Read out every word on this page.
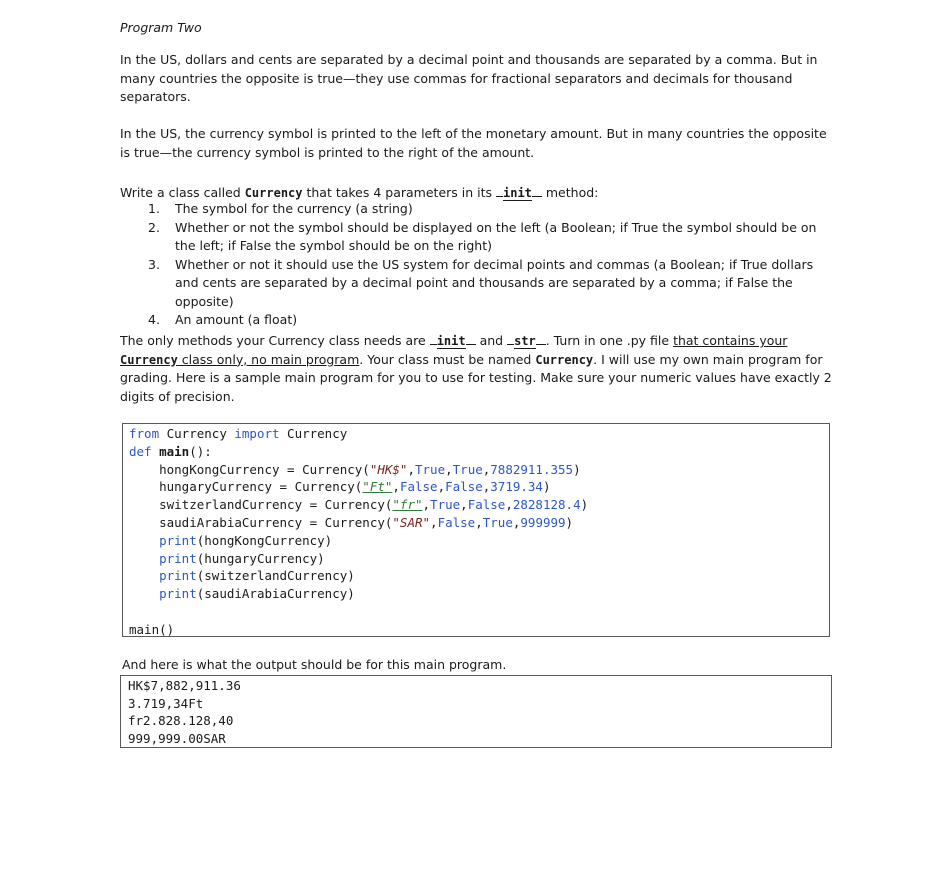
Program Two
In the US, dollars and cents are separated by a decimal point and thousands are separated by a comma. But in many countries the opposite is true—they use commas for fractional separators and decimals for thousand separators.
In the US, the currency symbol is printed to the left of the monetary amount. But in many countries the opposite is true—the currency symbol is printed to the right of the amount.
Write a class called Currency that takes 4 parameters in its init method:
1. The symbol for the currency (a string)
2. Whether or not the symbol should be displayed on the left (a Boolean; if True the symbol should be on the left; if False the symbol should be on the right)
3. Whether or not it should use the US system for decimal points and commas (a Boolean; if True dollars and cents are separated by a decimal point and thousands are separated by a comma; if False the opposite)
4. An amount (a float)
The only methods your Currency class needs are init and str . Turn in one .py file that contains your
Currency class only, no main program. Your class must be named Currency. I will use my own main program for grading. Here is a sample main program for you to use for testing. Make sure your numeric values have exactly 2 digits of precision.
from Currency import Currency
def main():
hongKongCurrency = Currency("HK$",True,True,7882911.355)
hungaryCurrency = Currency("Ft",False,False,3719.34)
switzerlandCurrency = Currency("fr",True,False,2828128.4)
saudiArabiaCurrency = Currency("SAR",False,True,999999)
print(hongKongCurrency)
print(hungaryCurrency)
print(switzerlandCurrency)
print(saudiArabiaCurrency)

main()
And here is what the output should be for this main program.
HK$7,882,911.36
3.719,34Ft
fr2.828.128,40
999,999.00SAR
